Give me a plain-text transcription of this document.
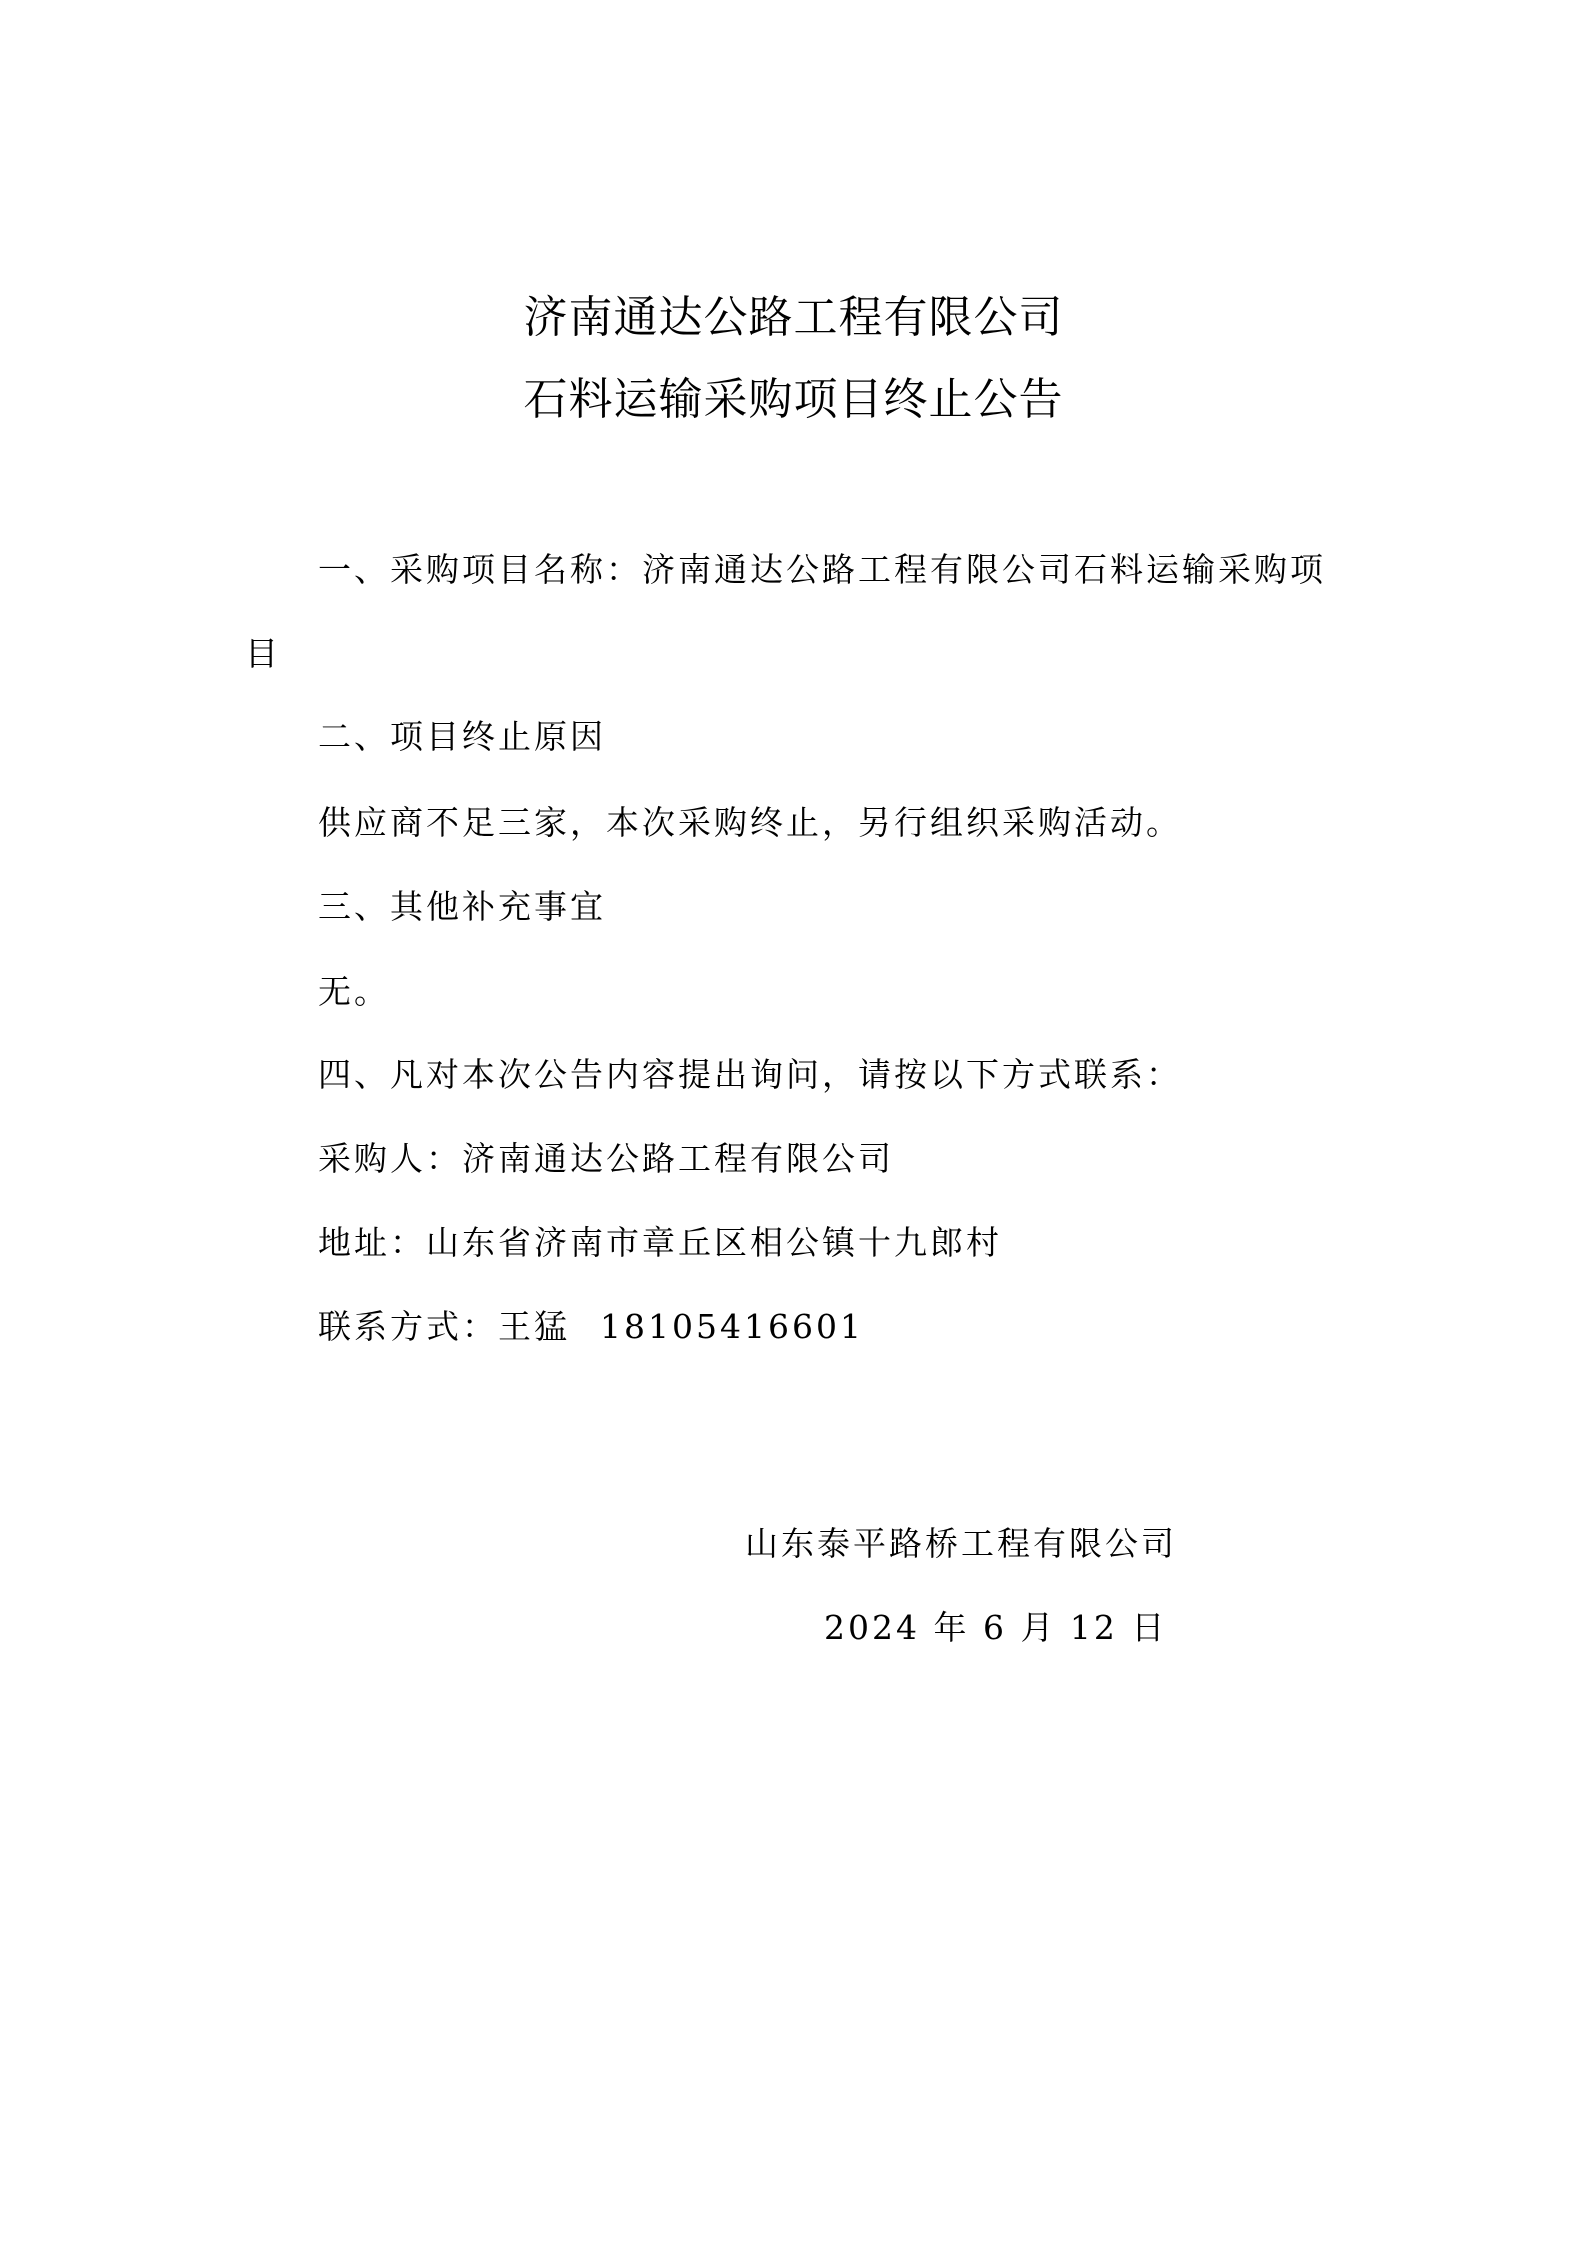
济南通达公路工程有限公司
石料运输采购项目终止公告
一、采购项目名称：济南通达公路工程有限公司石料运输采购项
目
二、项目终止原因
供应商不足三家，本次采购终止，另行组织采购活动。
三、其他补充事宜
无。
四、凡对本次公告内容提出询问，请按以下方式联系：
采购人：济南通达公路工程有限公司
地址：山东省济南市章丘区相公镇十九郎村
联系方式：王猛 18105416601
山东泰平路桥工程有限公司
2024 年 6 月 12 日
